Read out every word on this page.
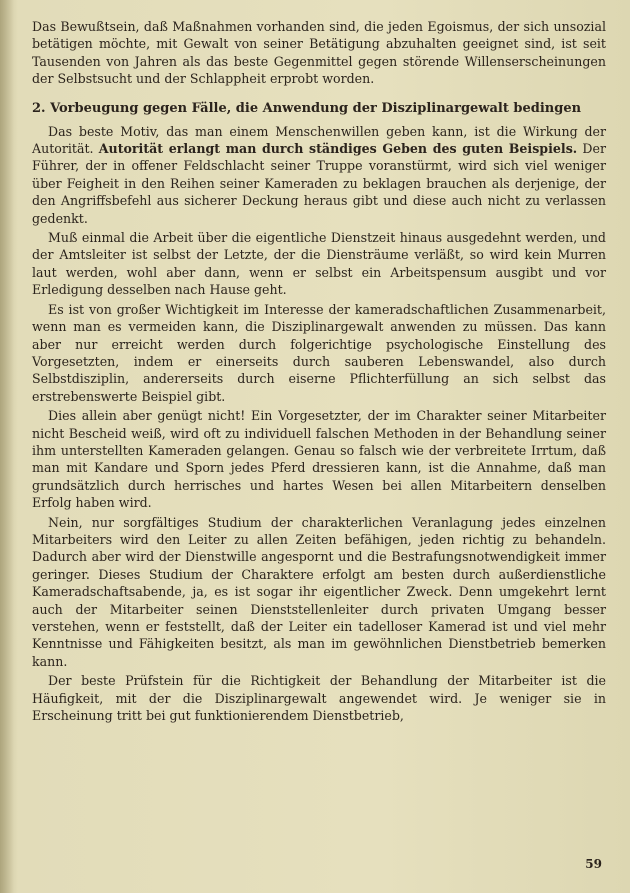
Das Bewußtsein, daß Maßnahmen vorhanden sind, die jeden Egoismus, der sich unsozial betätigen möchte, mit Gewalt von seiner Betätigung abzuhalten geeignet sind, ist seit Tausenden von Jahren als das beste Gegenmittel gegen störende Willenserscheinungen der Selbstsucht und der Schlappheit erprobt worden.

2. Vorbeugung gegen Fälle, die Anwendung der Disziplinargewalt bedingen

Das beste Motiv, das man einem Menschenwillen geben kann, ist die Wirkung der Autorität. Autorität erlangt man durch ständiges Geben des guten Beispiels. Der Führer, der in offener Feldschlacht seiner Truppe voranstürmt, wird sich viel weniger über Feigheit in den Reihen seiner Kameraden zu beklagen brauchen als derjenige, der den Angriffsbefehl aus sicherer Deckung heraus gibt und diese auch nicht zu verlassen gedenkt.

Muß einmal die Arbeit über die eigentliche Dienstzeit hinaus ausgedehnt werden, und der Amtsleiter ist selbst der Letzte, der die Diensträume verläßt, so wird kein Murren laut werden, wohl aber dann, wenn er selbst ein Arbeitspensum ausgibt und vor Erledigung desselben nach Hause geht.

Es ist von großer Wichtigkeit im Interesse der kameradschaftlichen Zusammenarbeit, wenn man es vermeiden kann, die Disziplinargewalt anwenden zu müssen. Das kann aber nur erreicht werden durch folgerichtige psychologische Einstellung des Vorgesetzten, indem er einerseits durch sauberen Lebenswandel, also durch Selbstdisziplin, andererseits durch eiserne Pflichterfüllung an sich selbst das erstrebenswerte Beispiel gibt.

Dies allein aber genügt nicht! Ein Vorgesetzter, der im Charakter seiner Mitarbeiter nicht Bescheid weiß, wird oft zu individuell falschen Methoden in der Behandlung seiner ihm unterstellten Kameraden gelangen. Genau so falsch wie der verbreitete Irrtum, daß man mit Kandare und Sporn jedes Pferd dressieren kann, ist die Annahme, daß man grundsätzlich durch herrisches und hartes Wesen bei allen Mitarbeitern denselben Erfolg haben wird.

Nein, nur sorgfältiges Studium der charakterlichen Veranlagung jedes einzelnen Mitarbeiters wird den Leiter zu allen Zeiten befähigen, jeden richtig zu behandeln. Dadurch aber wird der Dienstwille angespornt und die Bestrafungsnotwendigkeit immer geringer. Dieses Studium der Charaktere erfolgt am besten durch außerdienstliche Kameradschaftsabende, ja, es ist sogar ihr eigentlicher Zweck. Denn umgekehrt lernt auch der Mitarbeiter seinen Dienststellenleiter durch privaten Umgang besser verstehen, wenn er feststellt, daß der Leiter ein tadelloser Kamerad ist und viel mehr Kenntnisse und Fähigkeiten besitzt, als man im gewöhnlichen Dienstbetrieb bemerken kann.

Der beste Prüfstein für die Richtigkeit der Behandlung der Mitarbeiter ist die Häufigkeit, mit der die Disziplinargewalt angewendet wird. Je weniger sie in Erscheinung tritt bei gut funktionierendem Dienstbetrieb,

59
